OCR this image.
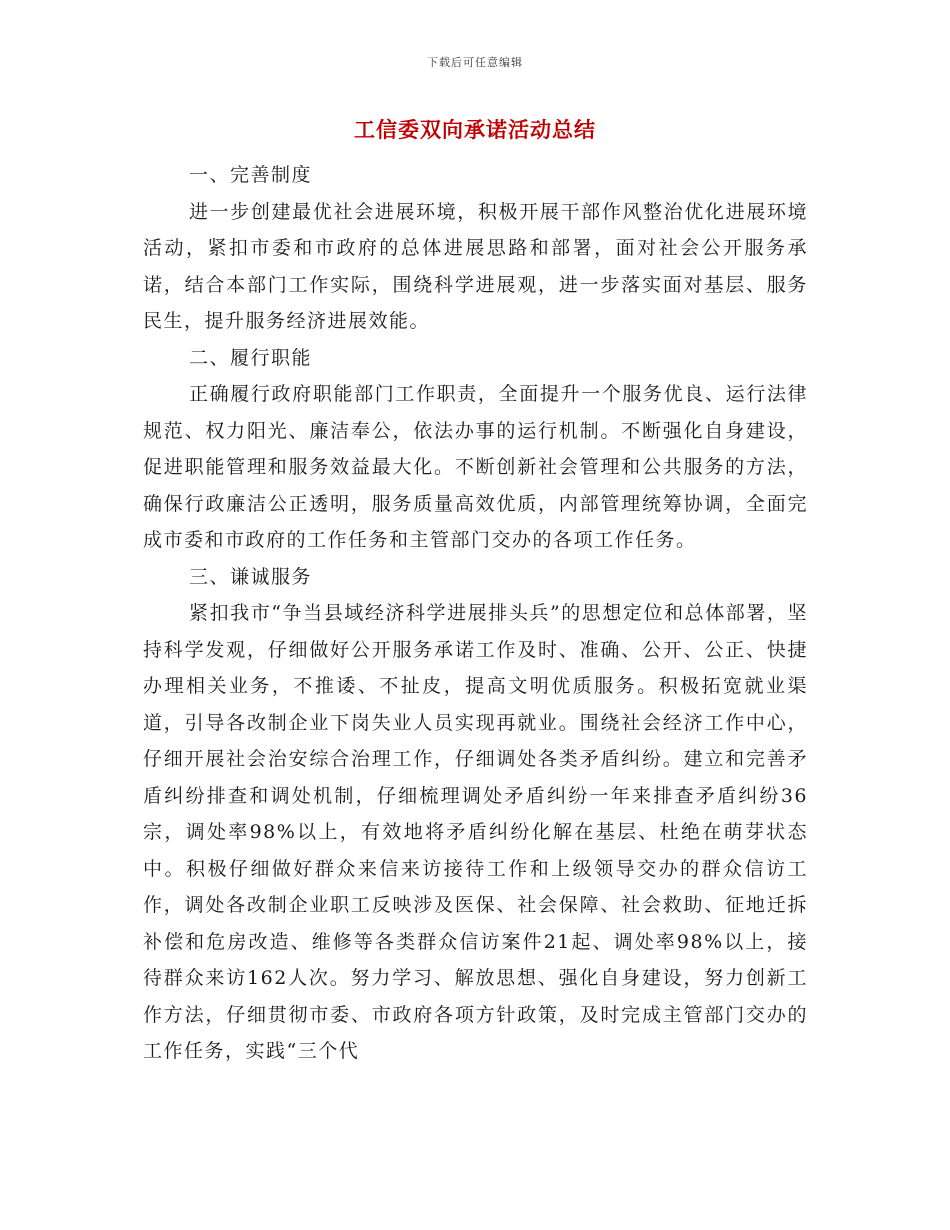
下载后可任意编辑
工信委双向承诺活动总结

一、完善制度

进一步创建最优社会进展环境，积极开展干部作风整治优化进展环境活动，紧扣市委和市政府的总体进展思路和部署，面对社会公开服务承诺，结合本部门工作实际，围绕科学进展观，进一步落实面对基层、服务民生，提升服务经济进展效能。

二、履行职能

正确履行政府职能部门工作职责，全面提升一个服务优良、运行法律规范、权力阳光、廉洁奉公，依法办事的运行机制。不断强化自身建设，促进职能管理和服务效益最大化。不断创新社会管理和公共服务的方法，确保行政廉洁公正透明，服务质量高效优质，内部管理统筹协调，全面完成市委和市政府的工作任务和主管部门交办的各项工作任务。

三、谦诚服务

紧扣我市“争当县域经济科学进展排头兵”的思想定位和总体部署，坚持科学发观，仔细做好公开服务承诺工作及时、准确、公开、公正、快捷办理相关业务，不推诿、不扯皮，提高文明优质服务。积极拓宽就业渠道，引导各改制企业下岗失业人员实现再就业。围绕社会经济工作中心，仔细开展社会治安综合治理工作，仔细调处各类矛盾纠纷。建立和完善矛盾纠纷排查和调处机制，仔细梳理调处矛盾纠纷一年来排查矛盾纠纷36宗，调处率98%以上，有效地将矛盾纠纷化解在基层、杜绝在萌芽状态中。积极仔细做好群众来信来访接待工作和上级领导交办的群众信访工作，调处各改制企业职工反映涉及医保、社会保障、社会救助、征地迁拆补偿和危房改造、维修等各类群众信访案件21起、调处率98%以上，接待群众来访162人次。努力学习、解放思想、强化自身建设，努力创新工作方法，仔细贯彻市委、市政府各项方针政策，及时完成主管部门交办的工作任务，实践“三个代
